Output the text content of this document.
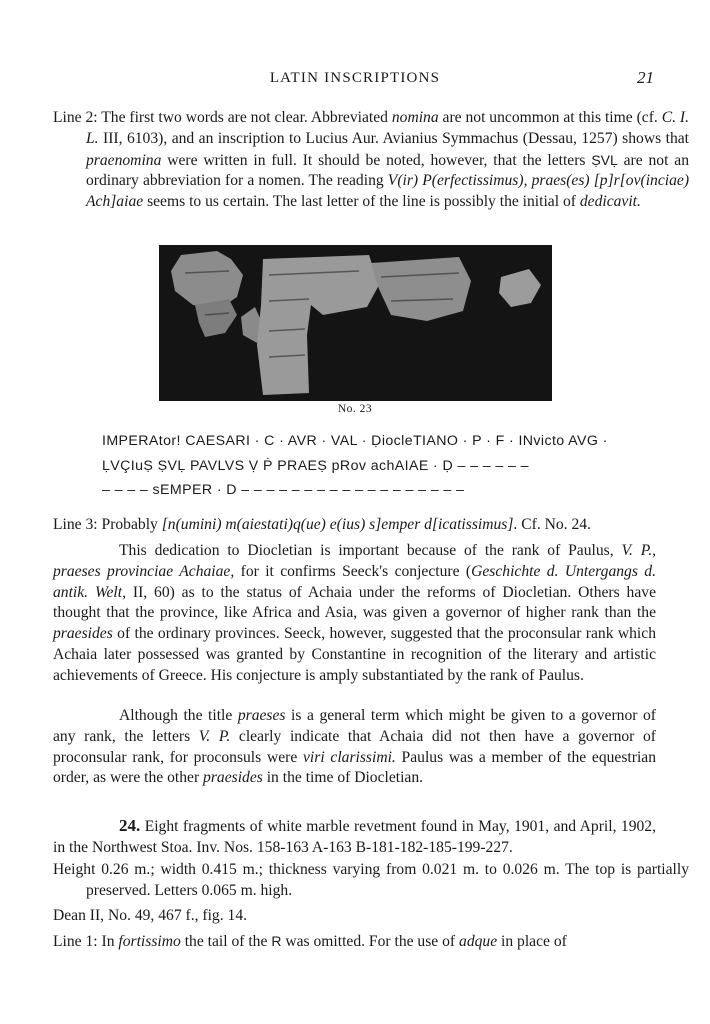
LATIN INSCRIPTIONS	21
Line 2: The first two words are not clear. Abbreviated nomina are not uncommon at this time (cf. C. I. L. III, 6103), and an inscription to Lucius Aur. Avianius Symmachus (Dessau, 1257) shows that praenomina were written in full. It should be noted, however, that the letters ṢVḶ are not an ordinary abbreviation for a nomen. The reading V(ir) P(erfectissimus), praes(es) [p]r[ov(inciae) Ach]aiae seems to us certain. The last letter of the line is possibly the initial of dedicavit.
No. 23
IMPERAtor! CAESARI · C · AVR · VAL · ḌiocleTIANO · P · F · INvicto AVG ·
ḶVÇIuṢ ṢVḶ PAVLVS Ṿ Ṗ PRAEṢ pRov achAIAE · Ḍ – – – – – –
– – – – sEMPER · D – – – – – – – – – – – – – – – – – –
Line 3: Probably [n(umini) m(aiestati)q(ue) e(ius) s]emper d[icatissimus]. Cf. No. 24.
This dedication to Diocletian is important because of the rank of Paulus, V. P., praeses provinciae Achaiae, for it confirms Seeck's conjecture (Geschichte d. Untergangs d. antik. Welt, II, 60) as to the status of Achaia under the reforms of Diocletian. Others have thought that the province, like Africa and Asia, was given a governor of higher rank than the praesides of the ordinary provinces. Seeck, however, suggested that the proconsular rank which Achaia later possessed was granted by Constantine in recognition of the literary and artistic achievements of Greece. His conjecture is amply substantiated by the rank of Paulus.
Although the title praeses is a general term which might be given to a governor of any rank, the letters V. P. clearly indicate that Achaia did not then have a governor of proconsular rank, for proconsuls were viri clarissimi. Paulus was a member of the equestrian order, as were the other praesides in the time of Diocletian.
24. Eight fragments of white marble revetment found in May, 1901, and April, 1902, in the Northwest Stoa. Inv. Nos. 158-163 A-163 B-181-182-185-199-227.
Height 0.26 m.; width 0.415 m.; thickness varying from 0.021 m. to 0.026 m. The top is partially preserved. Letters 0.065 m. high.
Dean II, No. 49, 467 f., fig. 14.
Line 1: In fortissimo the tail of the R was omitted. For the use of adque in place of
